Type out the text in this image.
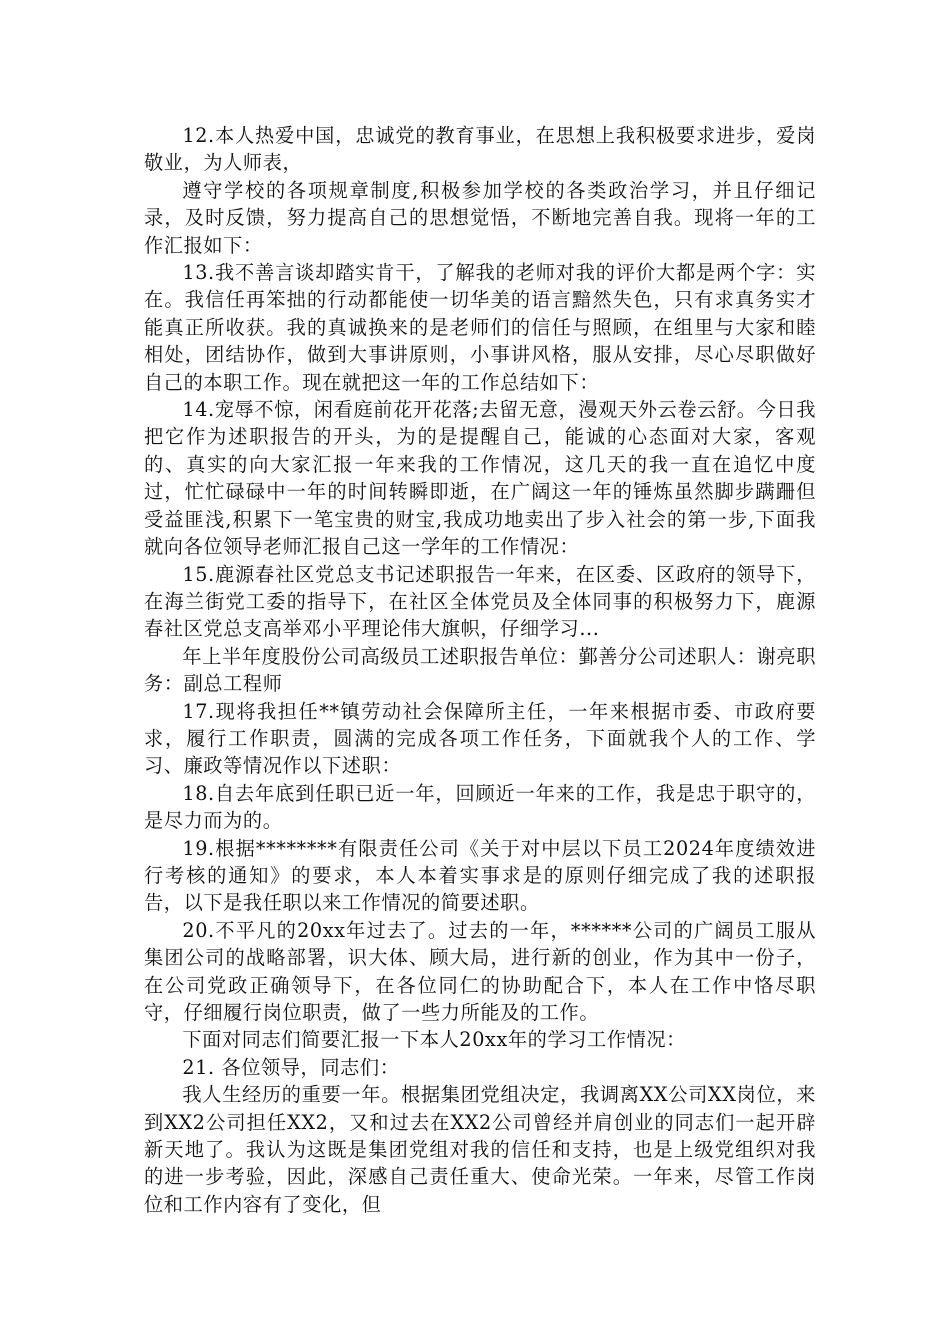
12.本人热爱中国，忠诚党的教育事业，在思想上我积极要求进步，爱岗敬业，为人师表，

遵守学校的各项规章制度,积极参加学校的各类政治学习，并且仔细记录，及时反馈，努力提高自己的思想觉悟，不断地完善自我。现将一年的工作汇报如下：

13.我不善言谈却踏实肯干，了解我的老师对我的评价大都是两个字：实在。我信任再笨拙的行动都能使一切华美的语言黯然失色，只有求真务实才能真正所收获。我的真诚换来的是老师们的信任与照顾，在组里与大家和睦相处，团结协作，做到大事讲原则，小事讲风格，服从安排，尽心尽职做好自己的本职工作。现在就把这一年的工作总结如下：

14.宠辱不惊，闲看庭前花开花落;去留无意，漫观天外云卷云舒。今日我把它作为述职报告的开头，为的是提醒自己，能诚的心态面对大家，客观的、真实的向大家汇报一年来我的工作情况，这几天的我一直在追忆中度过，忙忙碌碌中一年的时间转瞬即逝，在广阔这一年的锤炼虽然脚步蹒跚但受益匪浅,积累下一笔宝贵的财宝,我成功地卖出了步入社会的第一步,下面我就向各位领导老师汇报自己这一学年的工作情况：

15.鹿源春社区党总支书记述职报告一年来，在区委、区政府的领导下，在海兰街党工委的指导下，在社区全体党员及全体同事的积极努力下，鹿源春社区党总支高举邓小平理论伟大旗帜，仔细学习...

年上半年度股份公司高级员工述职报告单位：鄞善分公司述职人：谢亮职务：副总工程师

17.现将我担任**镇劳动社会保障所主任，一年来根据市委、市政府要求，履行工作职责，圆满的完成各项工作任务，下面就我个人的工作、学习、廉政等情况作以下述职：

18.自去年底到任职已近一年，回顾近一年来的工作，我是忠于职守的，是尽力而为的。

19.根据********有限责任公司《关于对中层以下员工2024年度绩效进行考核的通知》的要求，本人本着实事求是的原则仔细完成了我的述职报告，以下是我任职以来工作情况的简要述职。

20.不平凡的20xx年过去了。过去的一年，******公司的广阔员工服从集团公司的战略部署，识大体、顾大局，进行新的创业，作为其中一份子，在公司党政正确领导下，在各位同仁的协助配合下，本人在工作中恪尽职守，仔细履行岗位职责，做了一些力所能及的工作。

下面对同志们简要汇报一下本人20xx年的学习工作情况：

21. 各位领导，同志们：

我人生经历的重要一年。根据集团党组决定，我调离XX公司XX岗位，来到XX2公司担任XX2，又和过去在XX2公司曾经并肩创业的同志们一起开辟新天地了。我认为这既是集团党组对我的信任和支持，也是上级党组织对我的进一步考验，因此，深感自己责任重大、使命光荣。一年来，尽管工作岗位和工作内容有了变化，但
